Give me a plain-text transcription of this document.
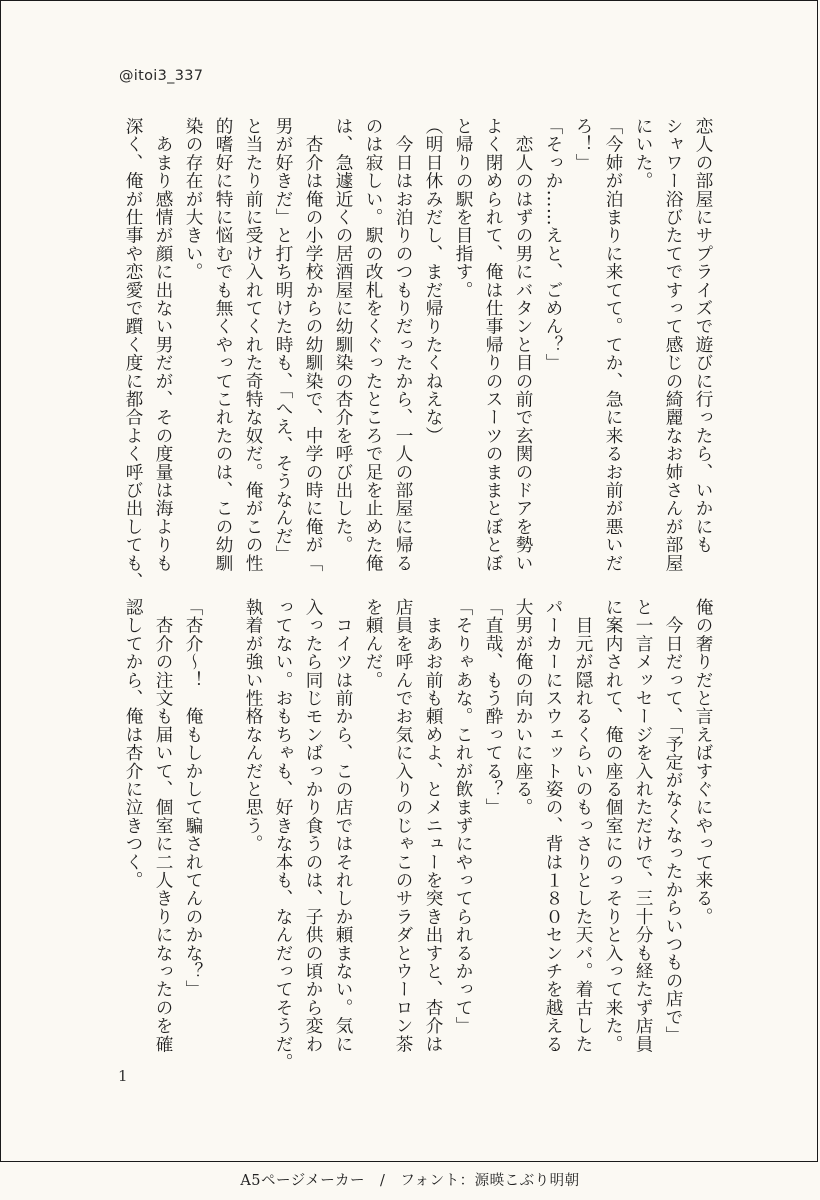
@itoi3_337

恋人の部屋にサプライズで遊びに行ったら、いかにも

シャワー浴びたてですって感じの綺麗なお姉さんが部屋

にいた。

「今姉が泊まりに来てて。てか、急に来るお前が悪いだ

ろ！」

「そっか……えと、ごめん？」

　恋人のはずの男にバタンと目の前で玄関のドアを勢い

よく閉められて、俺は仕事帰りのスーツのままとぼとぼ

と帰りの駅を目指す。

（明日休みだし、まだ帰りたくねえな）

　今日はお泊りのつもりだったから、一人の部屋に帰る

のは寂しい。駅の改札をくぐったところで足を止めた俺

は、急遽近くの居酒屋に幼馴染の杏介を呼び出した。

　杏介は俺の小学校からの幼馴染で、中学の時に俺が「

男が好きだ」と打ち明けた時も、「へえ、そうなんだ」

と当たり前に受け入れてくれた奇特な奴だ。俺がこの性

的嗜好に特に悩むでも無くやってこれたのは、この幼馴

染の存在が大きい。

　あまり感情が顔に出ない男だが、その度量は海よりも

深く、俺が仕事や恋愛で躓く度に都合よく呼び出しても、

俺の奢りだと言えばすぐにやって来る。

　今日だって、「予定がなくなったからいつもの店で」

と一言メッセージを入れただけで、三十分も経たず店員

に案内されて、俺の座る個室にのっそりと入って来た。

　目元が隠れるくらいのもっさりとした天パ。着古した

パーカーにスウェット姿の、背は１８０センチを越える

大男が俺の向かいに座る。

「直哉、もう酔ってる？」

「そりゃあな。これが飲まずにやってられるかって」

　まあお前も頼めよ、とメニューを突き出すと、杏介は

店員を呼んでお気に入りのじゃこのサラダとウーロン茶

を頼んだ。

　コイツは前から、この店ではそれしか頼まない。気に

入ったら同じモンばっかり食うのは、子供の頃から変わ

ってない。おもちゃも、好きな本も、なんだってそうだ。

執着が強い性格なんだと思う。

「杏介～！　俺もしかして騙されてんのかな？」

　杏介の注文も届いて、個室に二人きりになったのを確

認してから、俺は杏介に泣きつく。

1
A5ページメーカー　/　フォント：源暎こぶり明朝
